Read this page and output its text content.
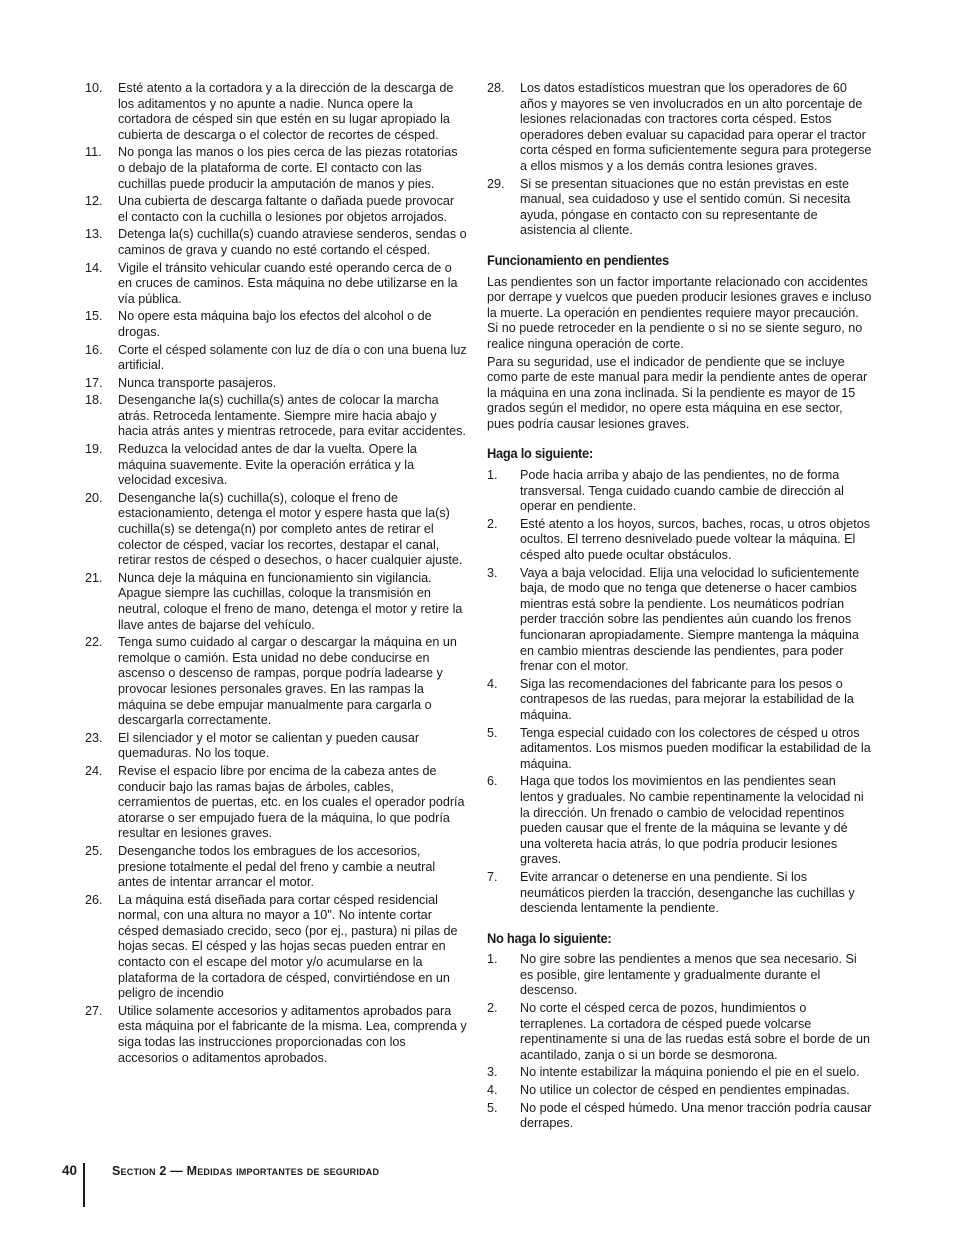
10.	Esté atento a la cortadora y a la dirección de la descarga de los aditamentos y no apunte a nadie. Nunca opere la cortadora de césped sin que estén en su lugar apropiado la cubierta de descarga o el colector de recortes de césped.
11.	No ponga las manos o los pies cerca de las piezas rotatorias o debajo de la plataforma de corte. El contacto con las cuchillas puede producir la amputación de manos y pies.
12.	Una cubierta de descarga faltante o dañada puede provocar el contacto con la cuchilla o lesiones por objetos arrojados.
13.	Detenga la(s) cuchilla(s) cuando atraviese senderos, sendas o caminos de grava y cuando no esté cortando el césped.
14.	Vigile el tránsito vehicular cuando esté operando cerca de o en cruces de caminos. Esta máquina no debe utilizarse en la vía pública.
15.	No opere esta máquina bajo los efectos del alcohol o de drogas.
16.	Corte el césped solamente con luz de día o con una buena luz artificial.
17.	Nunca transporte pasajeros.
18.	Desenganche la(s) cuchilla(s) antes de colocar la marcha atrás. Retroceda lentamente. Siempre mire hacia abajo y hacia atrás antes y mientras retrocede, para evitar accidentes.
19.	Reduzca la velocidad antes de dar la vuelta. Opere la máquina suavemente. Evite la operación errática y la velocidad excesiva.
20.	Desenganche la(s) cuchilla(s), coloque el freno de estacionamiento, detenga el motor y espere hasta que la(s) cuchilla(s) se detenga(n) por completo antes de retirar el colector de césped, vaciar los recortes, destapar el canal, retirar restos de césped o desechos, o hacer cualquier ajuste.
21.	Nunca deje la máquina en funcionamiento sin vigilancia. Apague siempre las cuchillas, coloque la transmisión en neutral, coloque el freno de mano, detenga el motor y retire la llave antes de bajarse del vehículo.
22.	Tenga sumo cuidado al cargar o descargar la máquina en un remolque o camión. Esta unidad no debe conducirse en ascenso o descenso de rampas, porque podría ladearse y provocar lesiones personales graves. En las rampas la máquina se debe empujar manualmente para cargarla o descargarla correctamente.
23.	El silenciador y el motor se calientan y pueden causar quemaduras. No los toque.
24.	Revise el espacio libre por encima de la cabeza antes de conducir bajo las ramas bajas de árboles, cables, cerramientos de puertas, etc. en los cuales el operador podría atorarse o ser empujado fuera de la máquina, lo que podría resultar en lesiones graves.
25.	Desenganche todos los embragues de los accesorios, presione totalmente el pedal del freno y cambie a neutral antes de intentar arrancar el motor.
26.	La máquina está diseñada para cortar césped residencial normal, con una altura no mayor a 10". No intente cortar césped demasiado crecido, seco (por ej., pastura) ni pilas de hojas secas. El césped y las hojas secas pueden entrar en contacto con el escape del motor y/o acumularse en la plataforma de la cortadora de césped, convirtiéndose en un peligro de incendio
27.	Utilice solamente accesorios y aditamentos aprobados para esta máquina por el fabricante de la misma. Lea, comprenda y siga todas las instrucciones proporcionadas con los accesorios o aditamentos aprobados.
28.	Los datos estadísticos muestran que los operadores de 60 años y mayores se ven involucrados en un alto porcentaje de lesiones relacionadas con tractores corta césped. Estos operadores deben evaluar su capacidad para operar el tractor corta césped en forma suficientemente segura para protegerse a ellos mismos y a los demás contra lesiones graves.
29.	Si se presentan situaciones que no están previstas en este manual, sea cuidadoso y use el sentido común. Si necesita ayuda, póngase en contacto con su representante de asistencia al cliente.
Funcionamiento en pendientes

Las pendientes son un factor importante relacionado con accidentes por derrape y vuelcos que pueden producir lesiones graves e incluso la muerte. La operación en pendientes requiere mayor precaución. Si no puede retroceder en la pendiente o si no se siente seguro, no realice ninguna operación de corte.

Para su seguridad, use el indicador de pendiente que se incluye como parte de este manual para medir la pendiente antes de operar la máquina en una zona inclinada. Si la pendiente es mayor de 15 grados según el medidor, no opere esta máquina en ese sector, pues podría causar lesiones graves.

Haga lo siguiente:
1.	Pode hacia arriba y abajo de las pendientes, no de forma transversal. Tenga cuidado cuando cambie de dirección al operar en pendiente.
2.	Esté atento a los hoyos, surcos, baches, rocas, u otros objetos ocultos. El terreno desnivelado puede voltear la máquina. El césped alto puede ocultar obstáculos.
3.	Vaya a baja velocidad. Elija una velocidad lo suficientemente baja, de modo que no tenga que detenerse o hacer cambios mientras está sobre la pendiente. Los neumáticos podrían perder tracción sobre las pendientes aún cuando los frenos funcionaran apropiadamente. Siempre mantenga la máquina en cambio mientras desciende las pendientes, para poder frenar con el motor.
4.	Siga las recomendaciones del fabricante para los pesos o contrapesos de las ruedas, para mejorar la estabilidad de la máquina.
5.	Tenga especial cuidado con los colectores de césped u otros aditamentos. Los mismos pueden modificar la estabilidad de la máquina.
6.	Haga que todos los movimientos en las pendientes sean lentos y graduales. No cambie repentinamente la velocidad ni la dirección. Un frenado o cambio de velocidad repentinos pueden causar que el frente de la máquina se levante y dé una voltereta hacia atrás, lo que podría producir lesiones graves.
7.	Evite arrancar o detenerse en una pendiente. Si los neumáticos pierden la tracción, desenganche las cuchillas y descienda lentamente la pendiente.
No haga lo siguiente:
1.	No gire sobre las pendientes a menos que sea necesario. Si es posible, gire lentamente y gradualmente durante el descenso.
2.	No corte el césped cerca de pozos, hundimientos o terraplenes. La cortadora de césped puede volcarse repentinamente si una de las ruedas está sobre el borde de un acantilado, zanja o si un borde se desmorona.
3.	No intente estabilizar la máquina poniendo el pie en el suelo.
4.	No utilice un colector de césped en pendientes empinadas.
5.	No pode el césped húmedo. Una menor tracción podría causar derrapes.
40	Section 2 — Medidas importantes de seguridad
